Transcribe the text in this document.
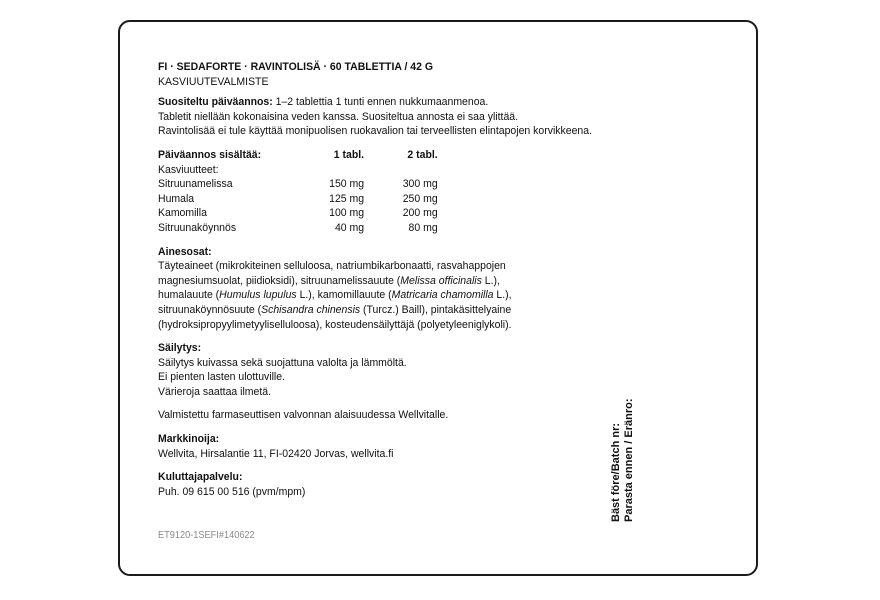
FI · SEDAFORTE · RAVINTOLISÄ · 60 TABLETTIA / 42 G
KASVIUUTEVALMISTE
Suositeltu päiväannos: 1–2 tablettia 1 tunti ennen nukkumaanmenoa.
Tabletit niellään kokonaisina veden kanssa. Suositeltua annosta ei saa ylittää.
Ravintolisää ei tule käyttää monipuolisen ruokavalion tai terveellisten elintapojen korvikkeena.
Päiväannos sisältää:	1 tabl.	2 tabl.
Kasviuutteet:		
Sitruunamelissa	150 mg	300 mg
Humala	125 mg	250 mg
Kamomilla	100 mg	200 mg
Sitruunaköynnös	40 mg	80 mg
Ainesosat:
Täyteaineet (mikrokiteinen selluloosa, natriumbikarbonaatti, rasvahappojen
magnesiumsuolat, piidioksidi), sitruunamelissauute (Melissa officinalis L.),
humalauute (Humulus lupulus L.), kamomillauute (Matricaria chamomilla L.),
sitruunaköynnösuute (Schisandra chinensis (Turcz.) Baill), pintakäsittelyaine
(hydroksipropyylimetyyliselluloosa), kosteudensäilyttäjä (polyetyleeniglykoli).
Säilytys:
Säilytys kuivassa sekä suojattuna valolta ja lämmöltä.
Ei pienten lasten ulottuville.
Värieroja saattaa ilmetä.
Valmistettu farmaseuttisen valvonnan alaisuudessa Wellvitalle.
Markkinoija:
Wellvita, Hirsalantie 11, FI-02420 Jorvas, wellvita.fi
Kuluttajapalvelu:
Puh. 09 615 00 516 (pvm/mpm)
ET9120-1SEFI#140622
Bäst före/Batch nr: Parasta ennen / Eränro:
